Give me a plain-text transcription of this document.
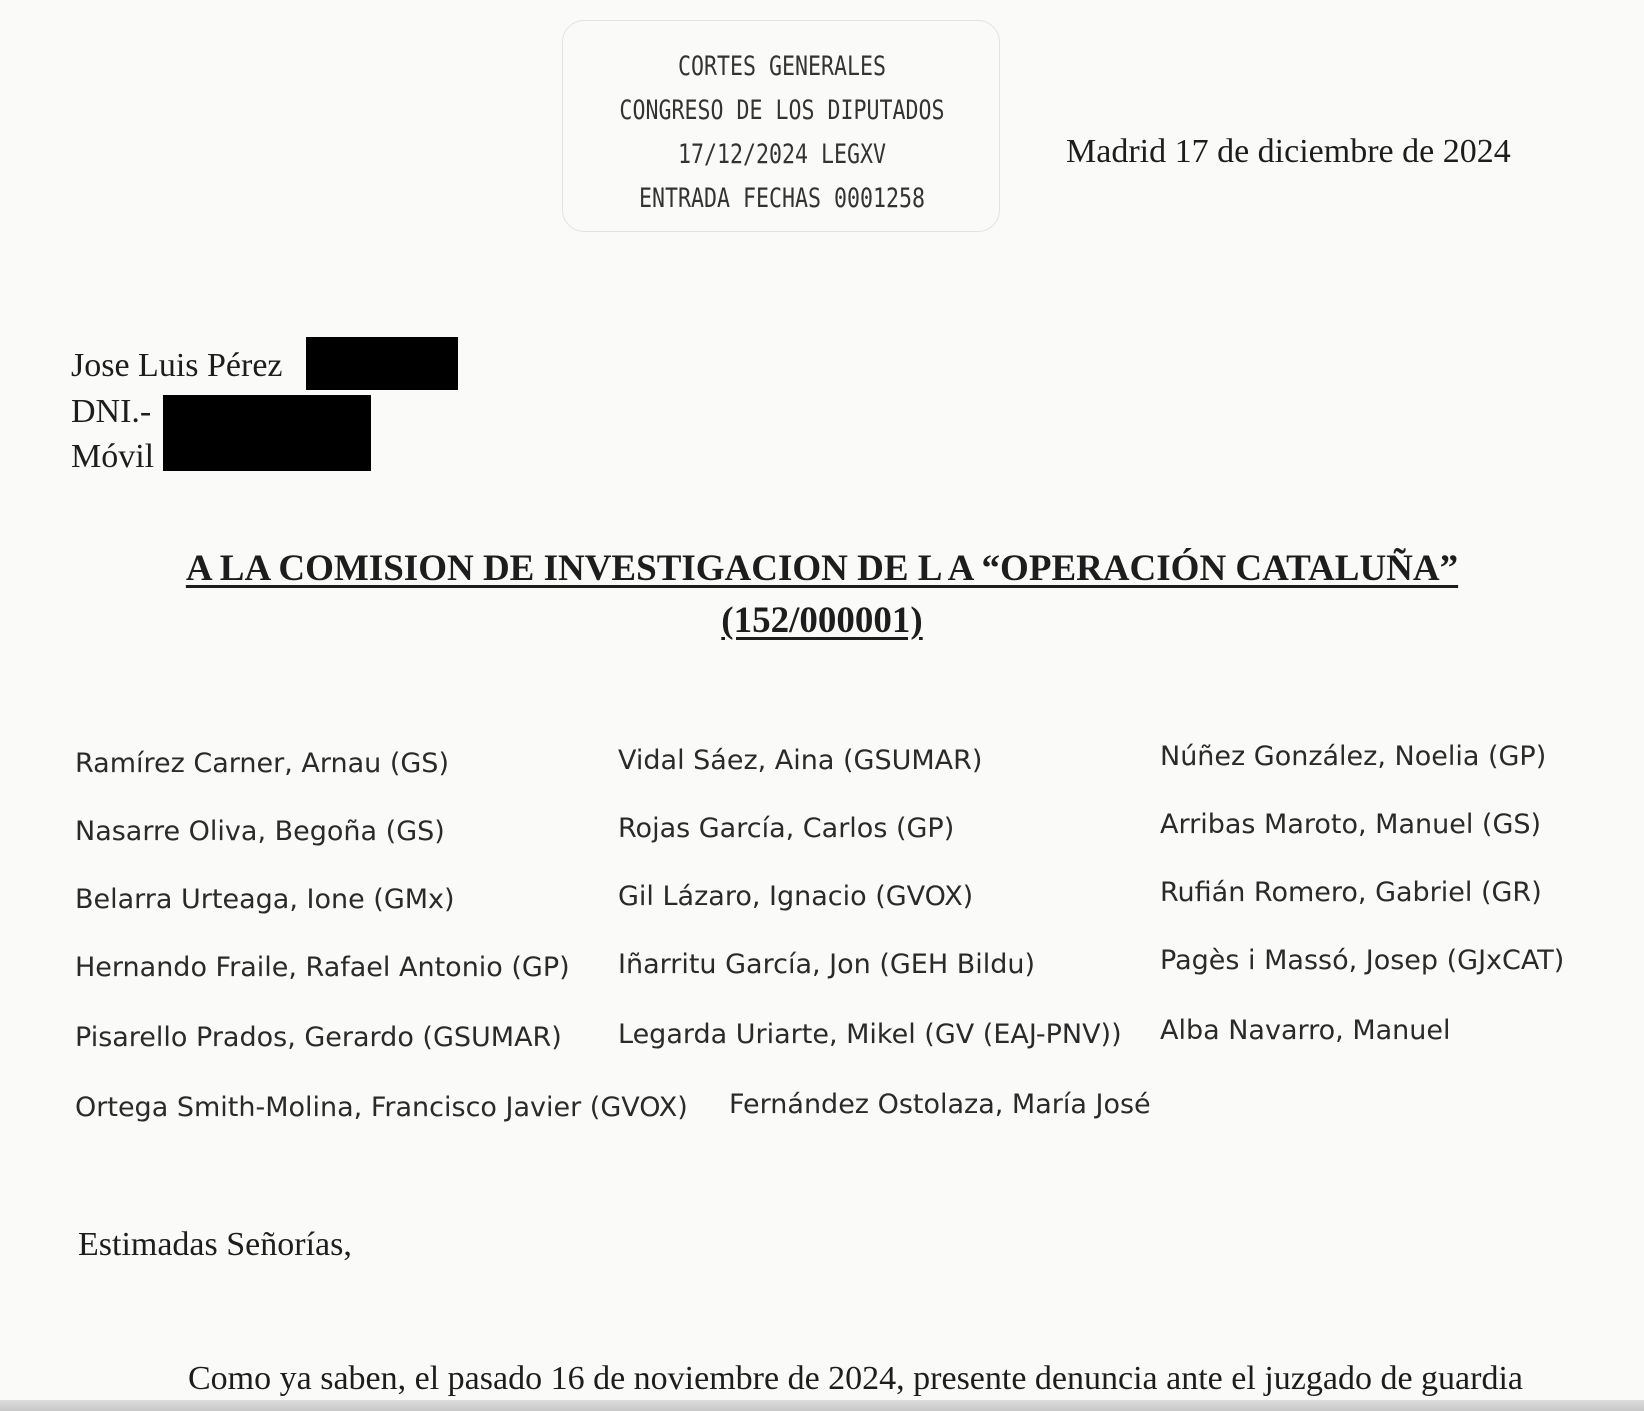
CORTES GENERALES
CONGRESO DE LOS DIPUTADOS
17/12/2024 LEGXV
ENTRADA FECHAS 0001258
Madrid 17 de diciembre de 2024
Jose Luis Pérez
DNI.-
Móvil
A LA COMISION DE INVESTIGACION DE L A “OPERACIÓN CATALUÑA”
(152/000001)
Ramírez Carner, Arnau (GS)
Nasarre Oliva, Begoña (GS)
Belarra Urteaga, Ione (GMx)
Hernando Fraile, Rafael Antonio (GP)
Pisarello Prados, Gerardo (GSUMAR)
Ortega Smith-Molina, Francisco Javier (GVOX)
Vidal Sáez, Aina (GSUMAR)
Rojas García, Carlos (GP)
Gil Lázaro, Ignacio (GVOX)
Iñarritu García, Jon (GEH Bildu)
Legarda Uriarte, Mikel (GV (EAJ-PNV))
Fernández Ostolaza, María José
Núñez González, Noelia (GP)
Arribas Maroto, Manuel (GS)
Rufián Romero, Gabriel (GR)
Pagès i Massó, Josep (GJxCAT)
Alba Navarro, Manuel
Estimadas Señorías,
Como ya saben, el pasado 16 de noviembre de 2024, presente denuncia ante el juzgado de guardia
